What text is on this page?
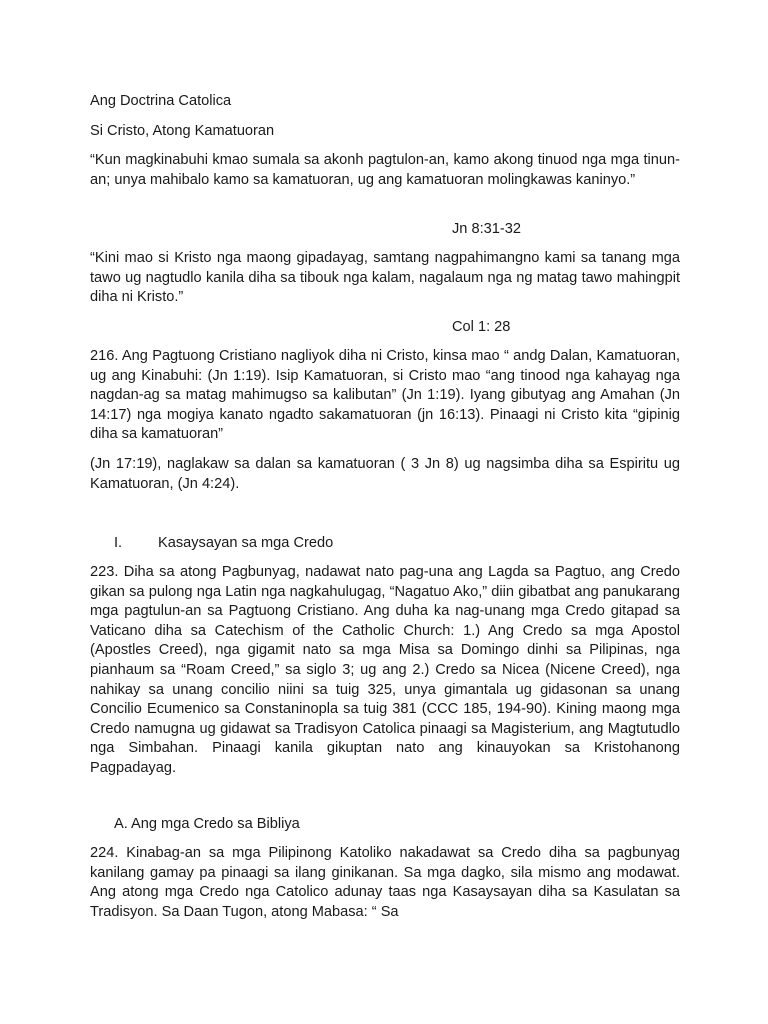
Ang Doctrina Catolica

Si Cristo, Atong Kamatuoran

“Kun magkinabuhi kmao sumala sa akonh pagtulon-an, kamo akong tinuod nga mga tinun-an; unya mahibalo kamo sa kamatuoran, ug ang kamatuoran molingkawas kaninyo.”

Jn 8:31-32

“Kini mao si Kristo nga maong gipadayag, samtang nagpahimangno kami sa tanang mga tawo ug nagtudlo kanila diha sa tibouk nga kalam, nagalaum nga ng matag tawo mahingpit diha ni Kristo.”

Col 1: 28

216. Ang Pagtuong Cristiano nagliyok diha ni Cristo, kinsa mao “ andg Dalan, Kamatuoran, ug ang Kinabuhi: (Jn 1:19). Isip Kamatuoran, si Cristo mao “ang tinood nga kahayag nga nagdan-ag sa matag mahimugso sa kalibutan” (Jn 1:19). Iyang gibutyag ang Amahan (Jn 14:17) nga mogiya kanato ngadto sakamatuoran (jn 16:13). Pinaagi ni Cristo kita “gipinig diha sa kamatuoran”

(Jn 17:19), naglakaw sa dalan sa kamatuoran ( 3 Jn 8) ug nagsimba diha sa Espiritu ug Kamatuoran, (Jn 4:24).

I. Kasaysayan sa mga Credo

223. Diha sa atong Pagbunyag, nadawat nato pag-una ang Lagda sa Pagtuo, ang Credo gikan sa pulong nga Latin nga nagkahulugag, “Nagatuo Ako,” diin gibatbat ang panukarang mga pagtulun-an sa Pagtuong Cristiano. Ang duha ka nag-unang mga Credo gitapad sa Vaticano diha sa Catechism of the Catholic Church: 1.) Ang Credo sa mga Apostol (Apostles Creed), nga gigamit nato sa mga Misa sa Domingo dinhi sa Pilipinas, nga pianhaum sa “Roam Creed,” sa siglo 3; ug ang 2.) Credo sa Nicea (Nicene Creed), nga nahikay sa unang concilio niini sa tuig 325, unya gimantala ug gidasonan sa unang Concilio Ecumenico sa Constaninopla sa tuig 381 (CCC 185, 194-90). Kining maong mga Credo namugna ug gidawat sa Tradisyon Catolica pinaagi sa Magisterium, ang Magtutudlo nga Simbahan. Pinaagi kanila gikuptan nato ang kinauyokan sa Kristohanong Pagpadayag.

A. Ang mga Credo sa Bibliya

224. Kinabag-an sa mga Pilipinong Katoliko nakadawat sa Credo diha sa pagbunyag kanilang gamay pa pinaagi sa ilang ginikanan. Sa mga dagko, sila mismo ang modawat. Ang atong mga Credo nga Catolico adunay taas nga Kasaysayan diha sa Kasulatan sa Tradisyon. Sa Daan Tugon, atong Mabasa: “ Sa
